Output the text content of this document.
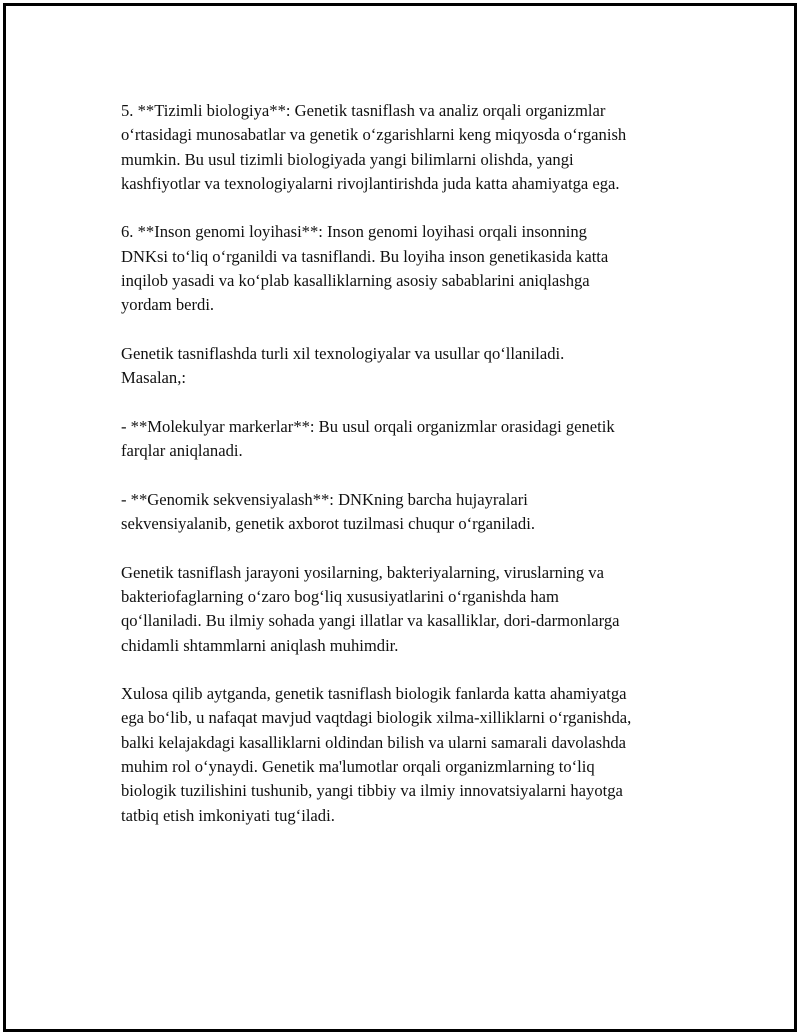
5. **Tizimli biologiya**: Genetik tasniflash va analiz orqali organizmlar
o‘rtasidagi munosabatlar va genetik o‘zgarishlarni keng miqyosda o‘rganish
mumkin. Bu usul tizimli biologiyada yangi bilimlarni olishda, yangi
kashfiyotlar va texnologiyalarni rivojlantirishda juda katta ahamiyatga ega.

6. **Inson genomi loyihasi**: Inson genomi loyihasi orqali insonning
DNKsi to‘liq o‘rganildi va tasniflandi. Bu loyiha inson genetikasida katta
inqilob yasadi va ko‘plab kasalliklarning asosiy sabablarini aniqlashga
yordam berdi.

Genetik tasniflashda turli xil texnologiyalar va usullar qo‘llaniladi.
Masalan,:

- **Molekulyar markerlar**: Bu usul orqali organizmlar orasidagi genetik
farqlar aniqlanadi.

- **Genomik sekvensiyalash**: DNKning barcha hujayralari
sekvensiyalanib, genetik axborot tuzilmasi chuqur o‘rganiladi.

Genetik tasniflash jarayoni yosilarning, bakteriyalarning, viruslarning va
bakteriofaglarning o‘zaro bog‘liq xususiyatlarini o‘rganishda ham
qo‘llaniladi. Bu ilmiy sohada yangi illatlar va kasalliklar, dori-darmonlarga
chidamli shtammlarni aniqlash muhimdir.

Xulosa qilib aytganda, genetik tasniflash biologik fanlarda katta ahamiyatga
ega bo‘lib, u nafaqat mavjud vaqtdagi biologik xilma-xilliklarni o‘rganishda,
balki kelajakdagi kasalliklarni oldindan bilish va ularni samarali davolashda
muhim rol o‘ynaydi. Genetik ma'lumotlar orqali organizmlarning to‘liq
biologik tuzilishini tushunib, yangi tibbiy va ilmiy innovatsiyalarni hayotga
tatbiq etish imkoniyati tug‘iladi.
